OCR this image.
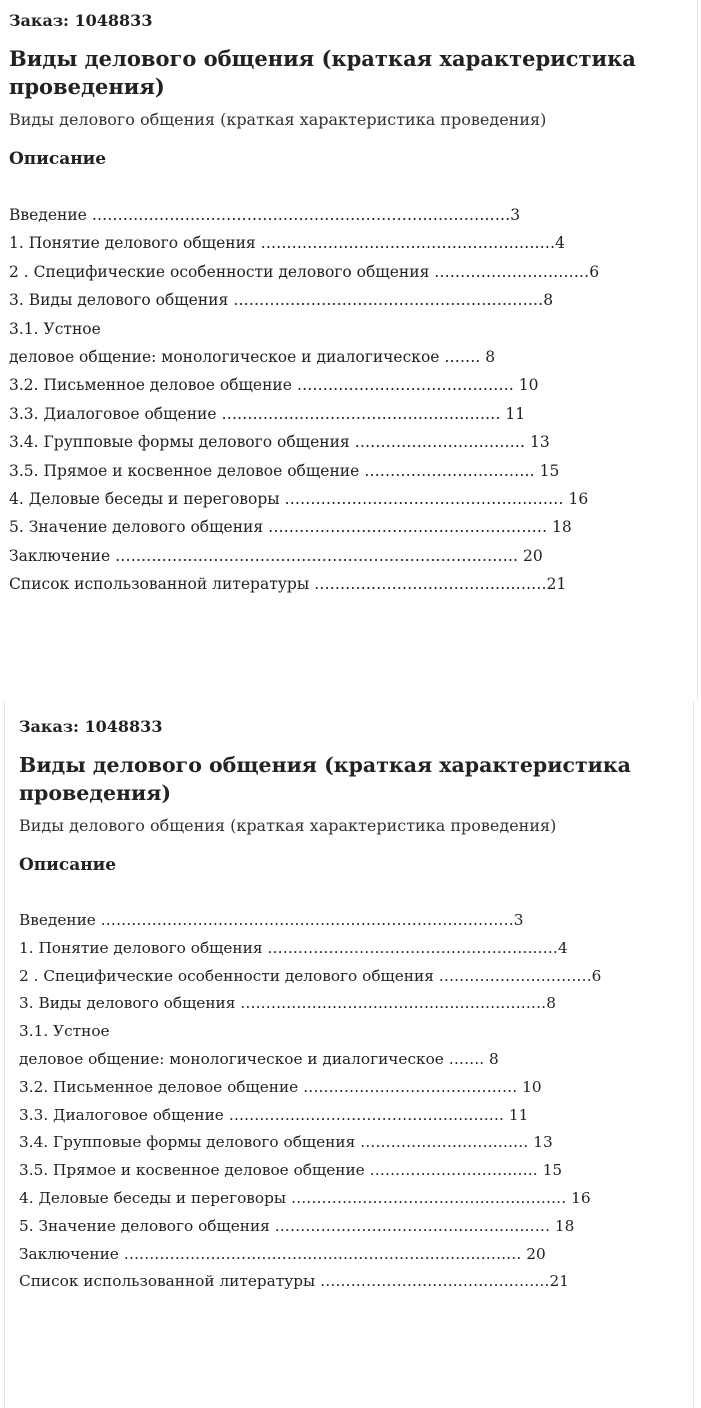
Заказ: 1048833
Виды делового общения (краткая характеристика проведения)
Виды делового общения (краткая характеристика проведения)
Описание
Введение ………………………………………………………………………3
1. Понятие делового общения …………………………………………………4
2 . Специфические особенности делового общения …………………………6
3. Виды делового общения ……………………………………………………8
3.1. Устное
деловое общение: монологическое и диалогическое ……. 8
3.2. Письменное деловое общение …………………………………… 10
3.3. Диалоговое общение ……………………………………………… 11
3.4. Групповые формы делового общения …………………………… 13
3.5. Прямое и косвенное деловое общение …………………………… 15
4. Деловые беседы и переговоры ……………………………………………… 16
5. Значение делового общения ……………………………………………… 18
Заключение …………………………………………………………………… 20
Список использованной литературы ………………………………………21
Заказ: 1048833
Виды делового общения (краткая характеристика проведения)
Виды делового общения (краткая характеристика проведения)
Описание
Введение ………………………………………………………………………3
1. Понятие делового общения …………………………………………………4
2 . Специфические особенности делового общения …………………………6
3. Виды делового общения ……………………………………………………8
3.1. Устное
деловое общение: монологическое и диалогическое ……. 8
3.2. Письменное деловое общение …………………………………… 10
3.3. Диалоговое общение ……………………………………………… 11
3.4. Групповые формы делового общения …………………………… 13
3.5. Прямое и косвенное деловое общение …………………………… 15
4. Деловые беседы и переговоры ……………………………………………… 16
5. Значение делового общения ……………………………………………… 18
Заключение …………………………………………………………………… 20
Список использованной литературы ………………………………………21
